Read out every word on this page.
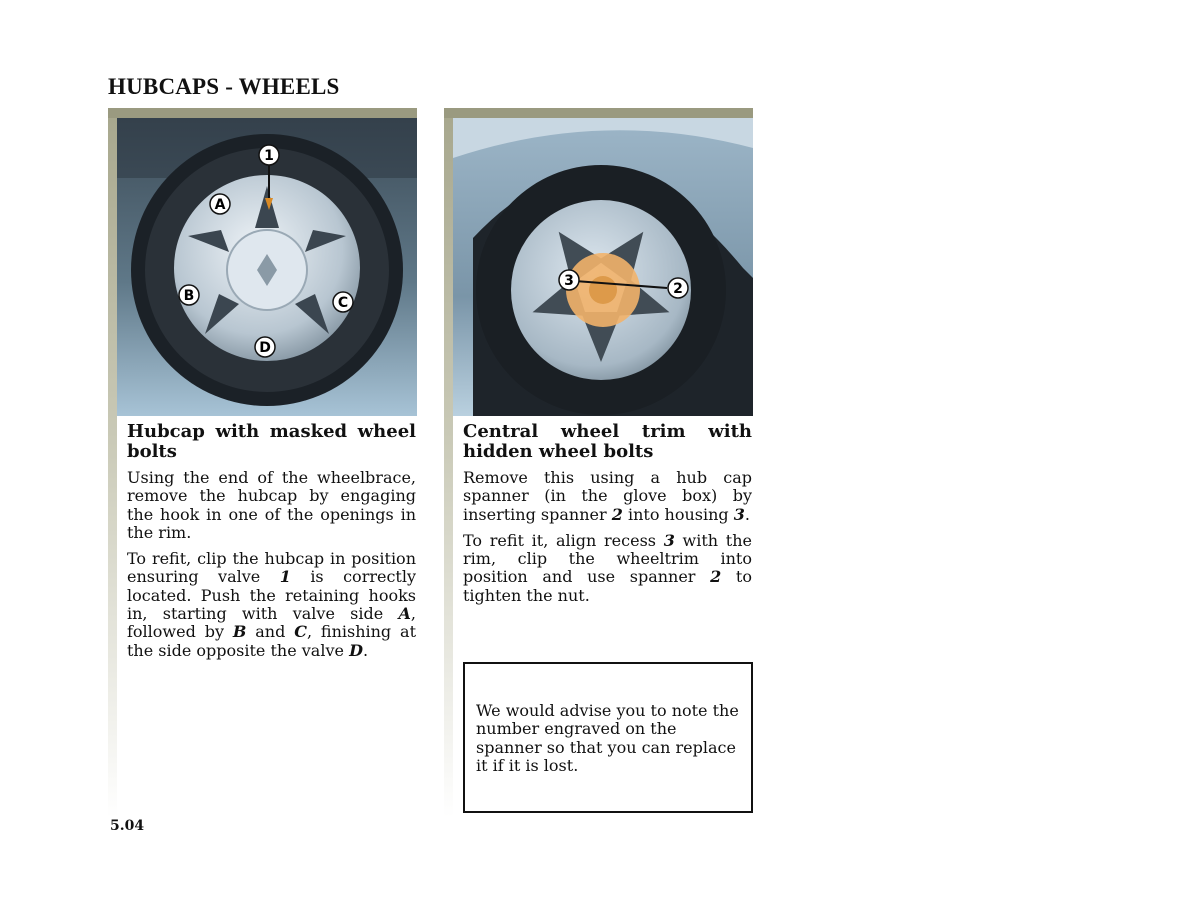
HUBCAPS - WHEELS
1
A
B	C
D
Hubcap with masked wheel bolts

Using the end of the wheelbrace, remove the hubcap by engaging the hook in one of the openings in the rim.

To refit, clip the hubcap in position ensuring valve 1 is correctly located. Push the retaining hooks in, starting with valve side A, followed by B and C, finishing at the side opposite the valve D.

3	2
Central wheel trim with hidden wheel bolts

Remove this using a hub cap spanner (in the glove box) by inserting spanner 2 into housing 3.

To refit it, align recess 3 with the rim, clip the wheeltrim into position and use spanner 2 to tighten the nut.

We would advise you to note the number engraved on the spanner so that you can replace it if it is lost.
5.04
